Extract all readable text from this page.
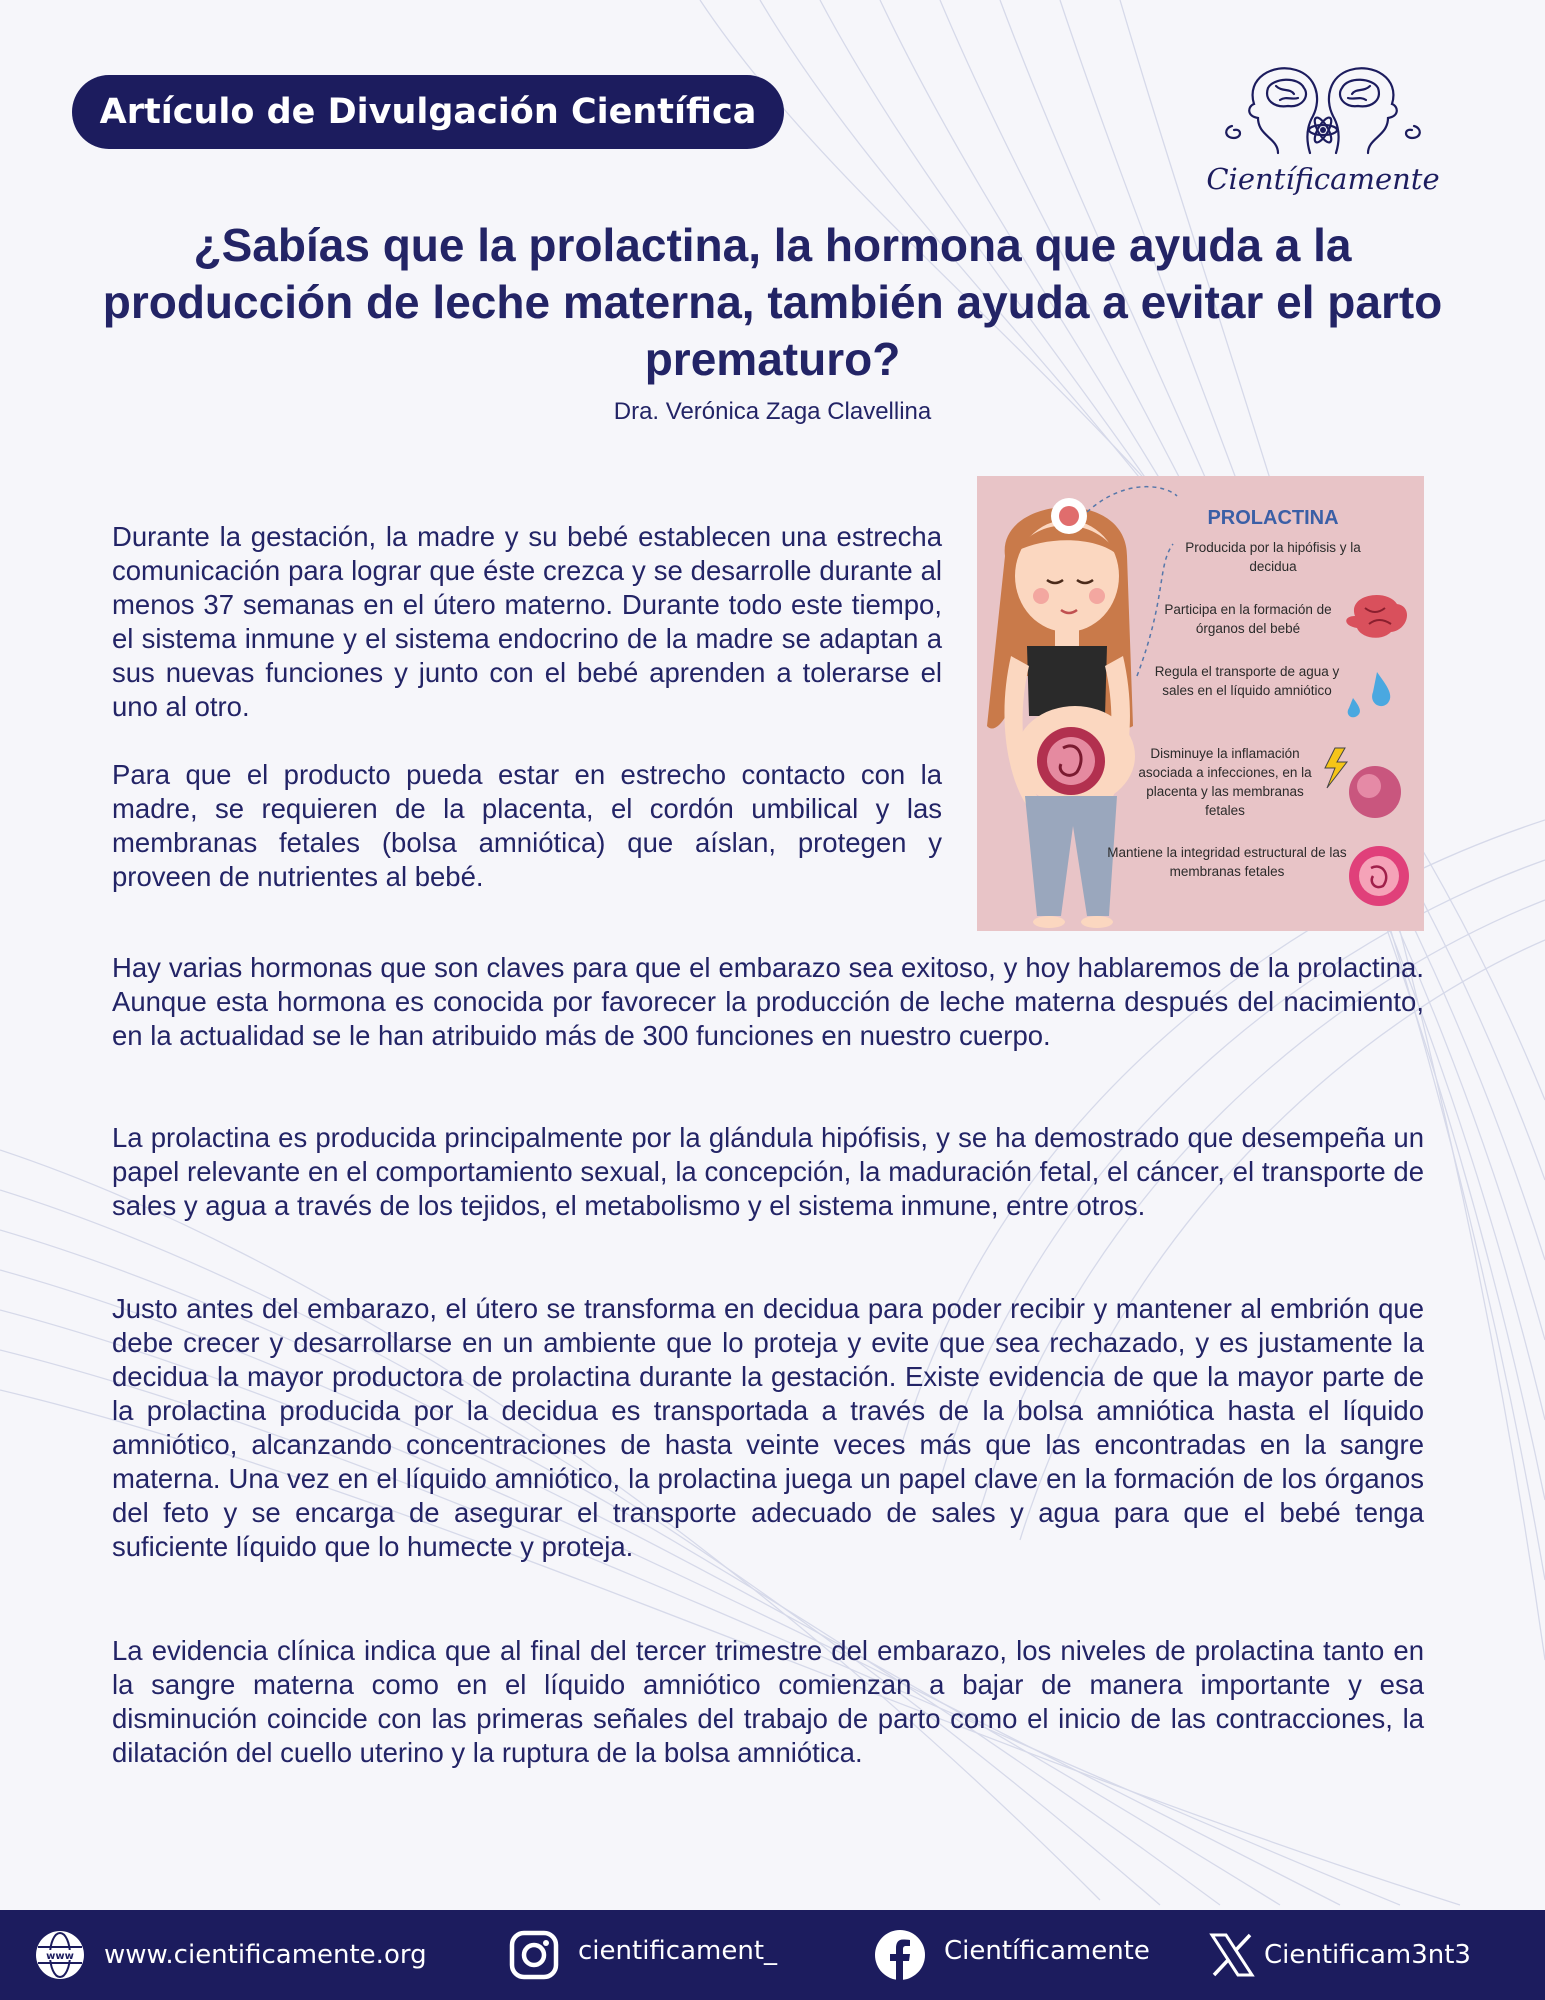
Artículo de Divulgación Científica
Científicamente
¿Sabías que la prolactina, la hormona que ayuda a la producción de leche materna, también ayuda a evitar el parto prematuro?
Dra. Verónica Zaga Clavellina
Durante la gestación, la madre y su bebé establecen una estrecha comunicación para lograr que éste crezca y se desarrolle durante al menos 37 semanas en el útero materno. Durante todo este tiempo, el sistema inmune y el sistema endocrino de la madre se adaptan a sus nuevas funciones y junto con el bebé aprenden a tolerarse el uno al otro.
Para que el producto pueda estar en estrecho contacto con la madre, se requieren de la placenta, el cordón umbilical y las membranas fetales (bolsa amniótica) que aíslan, protegen y proveen de nutrientes al bebé.
PROLACTINA
Producida por la hipófisis y la decidua
Participa en la formación de órganos del bebé
Regula el transporte de agua y sales en el líquido amniótico
Disminuye la inflamación asociada a infecciones, en la placenta y las membranas fetales
Mantiene la integridad estructural de las membranas fetales
Hay varias hormonas que son claves para que el embarazo sea exitoso, y hoy hablaremos de la prolactina. Aunque esta hormona es conocida por favorecer la producción de leche materna después del nacimiento, en la actualidad se le han atribuido más de 300 funciones en nuestro cuerpo.
La prolactina es producida principalmente por la glándula hipófisis, y se ha demostrado que desempeña un papel relevante en el comportamiento sexual, la concepción, la maduración fetal, el cáncer, el transporte de sales y agua a través de los tejidos, el metabolismo y el sistema inmune, entre otros.
Justo antes del embarazo, el útero se transforma en decidua para poder recibir y mantener al embrión que debe crecer y desarrollarse en un ambiente que lo proteja y evite que sea rechazado, y es justamente la decidua la mayor productora de prolactina durante la gestación. Existe evidencia de que la mayor parte de la prolactina producida por la decidua es transportada a través de la bolsa amniótica hasta el líquido amniótico, alcanzando concentraciones de hasta veinte veces más que las encontradas en la sangre materna. Una vez en el líquido amniótico, la prolactina juega un papel clave en la formación de los órganos del feto y se encarga de asegurar el transporte adecuado de sales y agua para que el bebé tenga suficiente líquido que lo humecte y proteja.
La evidencia clínica indica que al final del tercer trimestre del embarazo, los niveles de prolactina tanto en la sangre materna como en el líquido amniótico comienzan a bajar de manera importante y esa disminución coincide con las primeras señales del trabajo de parto como el inicio de las contracciones, la dilatación del cuello uterino y la ruptura de la bolsa amniótica.
www www.cientificamente.org	cientificament_	Científicamente	Cientificam3nt3
